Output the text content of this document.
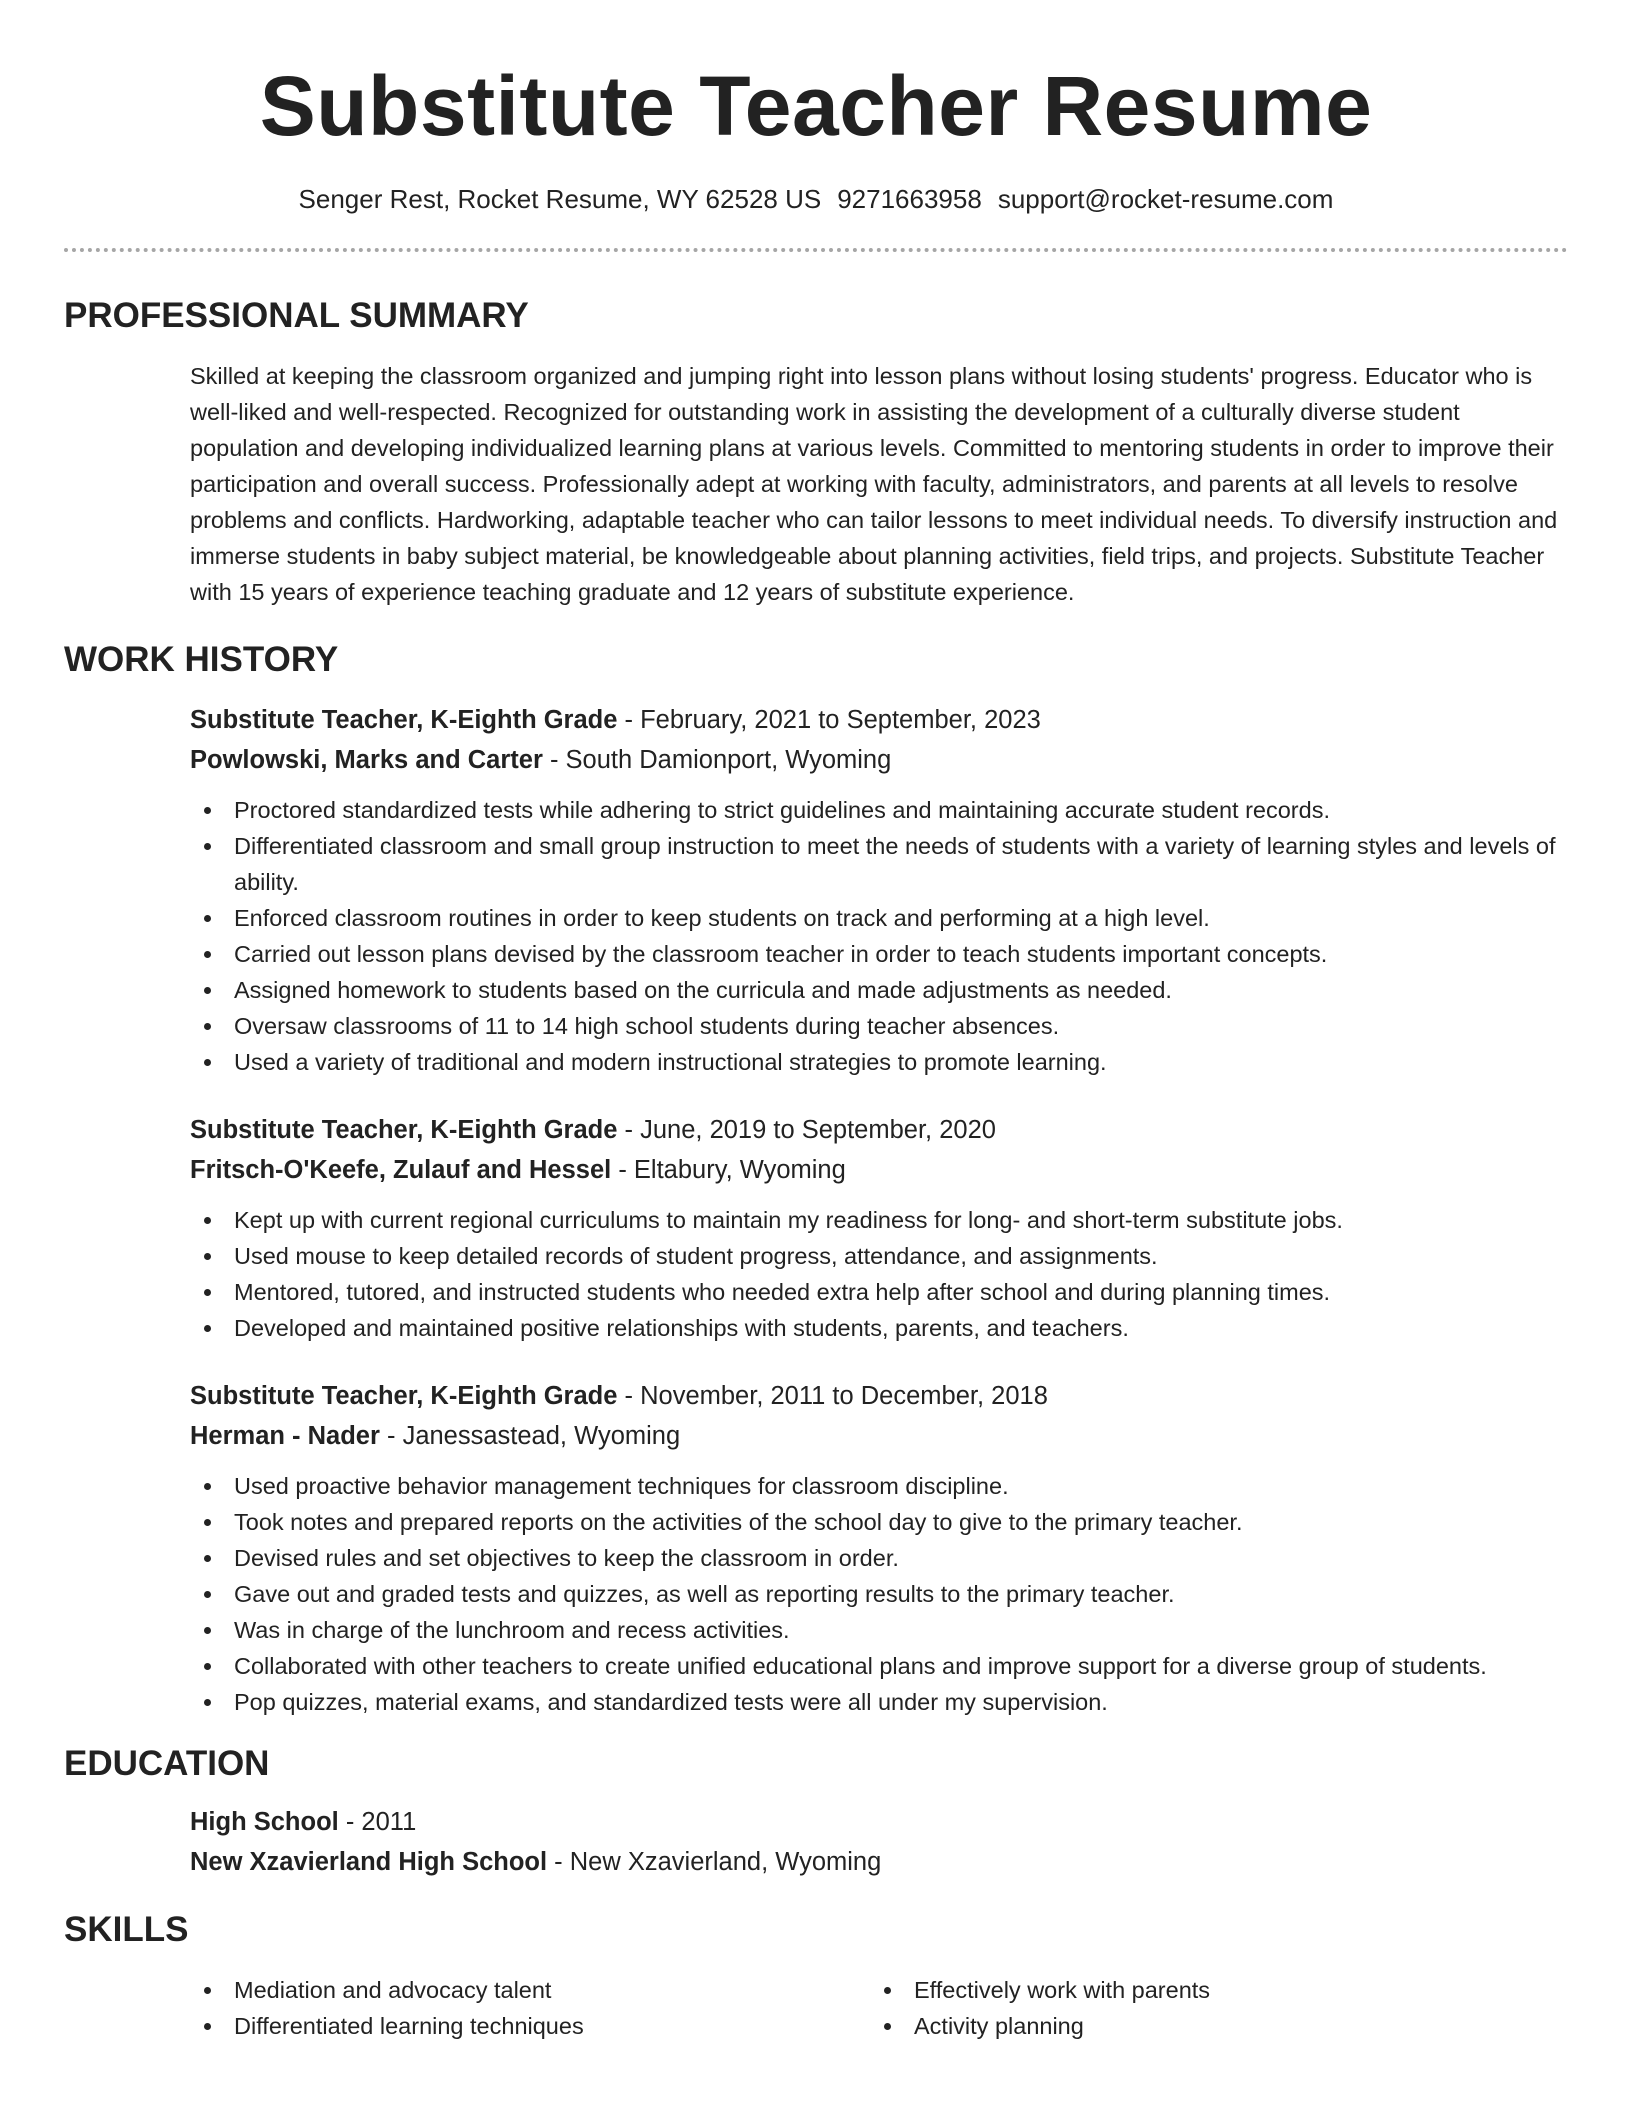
Substitute Teacher Resume
Senger Rest, Rocket Resume, WY 62528 US 9271663958 support@rocket-resume.com
PROFESSIONAL SUMMARY

Skilled at keeping the classroom organized and jumping right into lesson plans without losing students' progress. Educator who is well-liked and well-respected. Recognized for outstanding work in assisting the development of a culturally diverse student population and developing individualized learning plans at various levels. Committed to mentoring students in order to improve their participation and overall success. Professionally adept at working with faculty, administrators, and parents at all levels to resolve problems and conflicts. Hardworking, adaptable teacher who can tailor lessons to meet individual needs. To diversify instruction and immerse students in baby subject material, be knowledgeable about planning activities, field trips, and projects. Substitute Teacher with 15 years of experience teaching graduate and 12 years of substitute experience.

WORK HISTORY
Substitute Teacher, K-Eighth Grade - February, 2021 to September, 2023
Powlowski, Marks and Carter - South Damionport, Wyoming
Proctored standardized tests while adhering to strict guidelines and maintaining accurate student records.
Differentiated classroom and small group instruction to meet the needs of students with a variety of learning styles and levels of ability.
Enforced classroom routines in order to keep students on track and performing at a high level.
Carried out lesson plans devised by the classroom teacher in order to teach students important concepts.
Assigned homework to students based on the curricula and made adjustments as needed.
Oversaw classrooms of 11 to 14 high school students during teacher absences.
Used a variety of traditional and modern instructional strategies to promote learning.
Substitute Teacher, K-Eighth Grade - June, 2019 to September, 2020
Fritsch-O'Keefe, Zulauf and Hessel - Eltabury, Wyoming
Kept up with current regional curriculums to maintain my readiness for long- and short-term substitute jobs.
Used mouse to keep detailed records of student progress, attendance, and assignments.
Mentored, tutored, and instructed students who needed extra help after school and during planning times.
Developed and maintained positive relationships with students, parents, and teachers.
Substitute Teacher, K-Eighth Grade - November, 2011 to December, 2018
Herman - Nader - Janessastead, Wyoming
Used proactive behavior management techniques for classroom discipline.
Took notes and prepared reports on the activities of the school day to give to the primary teacher.
Devised rules and set objectives to keep the classroom in order.
Gave out and graded tests and quizzes, as well as reporting results to the primary teacher.
Was in charge of the lunchroom and recess activities.
Collaborated with other teachers to create unified educational plans and improve support for a diverse group of students.
Pop quizzes, material exams, and standardized tests were all under my supervision.
EDUCATION
High School - 2011
New Xzavierland High School - New Xzavierland, Wyoming
SKILLS
Mediation and advocacy talent
Differentiated learning techniques
Effectively work with parents
Activity planning
